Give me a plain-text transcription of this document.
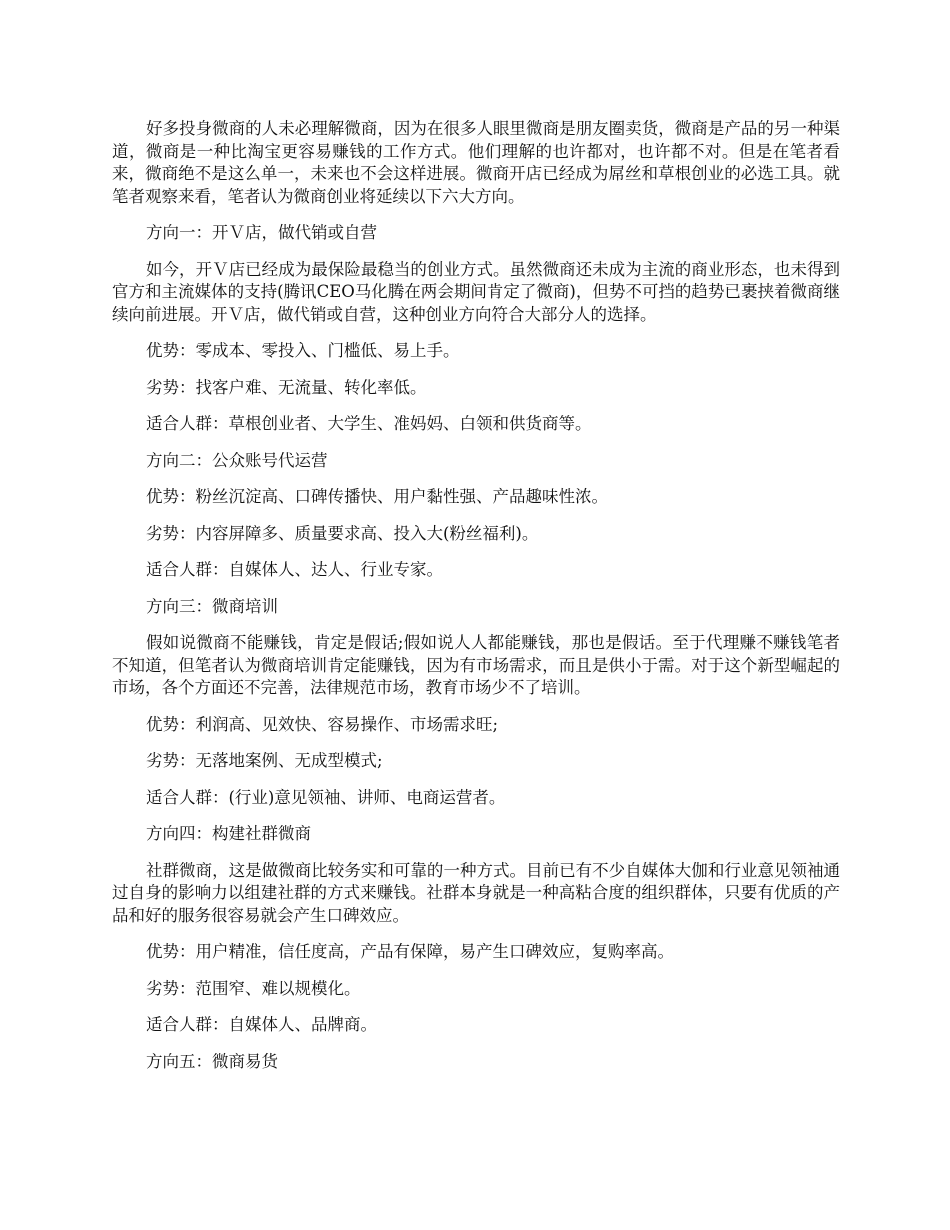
好多投身微商的人未必理解微商，因为在很多人眼里微商是朋友圈卖货，微商是产品的另一种渠道，微商是一种比淘宝更容易赚钱的工作方式。他们理解的也许都对，也许都不对。但是在笔者看来，微商绝不是这么单一，未来也不会这样进展。微商开店已经成为屌丝和草根创业的必选工具。就笔者观察来看，笔者认为微商创业将延续以下六大方向。

方向一：开Ｖ店，做代销或自营

如今，开Ｖ店已经成为最保险最稳当的创业方式。虽然微商还未成为主流的商业形态，也未得到官方和主流媒体的支持(腾讯CEO马化腾在两会期间肯定了微商)，但势不可挡的趋势已裹挟着微商继续向前进展。开Ｖ店，做代销或自营，这种创业方向符合大部分人的选择。

优势：零成本、零投入、门槛低、易上手。

劣势：找客户难、无流量、转化率低。

适合人群：草根创业者、大学生、准妈妈、白领和供货商等。

方向二：公众账号代运营

优势：粉丝沉淀高、口碑传播快、用户黏性强、产品趣味性浓。

劣势：内容屏障多、质量要求高、投入大(粉丝福利)。

适合人群：自媒体人、达人、行业专家。

方向三：微商培训

假如说微商不能赚钱，肯定是假话;假如说人人都能赚钱，那也是假话。至于代理赚不赚钱笔者不知道，但笔者认为微商培训肯定能赚钱，因为有市场需求，而且是供小于需。对于这个新型崛起的市场，各个方面还不完善，法律规范市场，教育市场少不了培训。

优势：利润高、见效快、容易操作、市场需求旺;

劣势：无落地案例、无成型模式;

适合人群：(行业)意见领袖、讲师、电商运营者。

方向四：构建社群微商

社群微商，这是做微商比较务实和可靠的一种方式。目前已有不少自媒体大伽和行业意见领袖通过自身的影响力以组建社群的方式来赚钱。社群本身就是一种高粘合度的组织群体，只要有优质的产品和好的服务很容易就会产生口碑效应。

优势：用户精准，信任度高，产品有保障，易产生口碑效应，复购率高。

劣势：范围窄、难以规模化。

适合人群：自媒体人、品牌商。

方向五：微商易货
